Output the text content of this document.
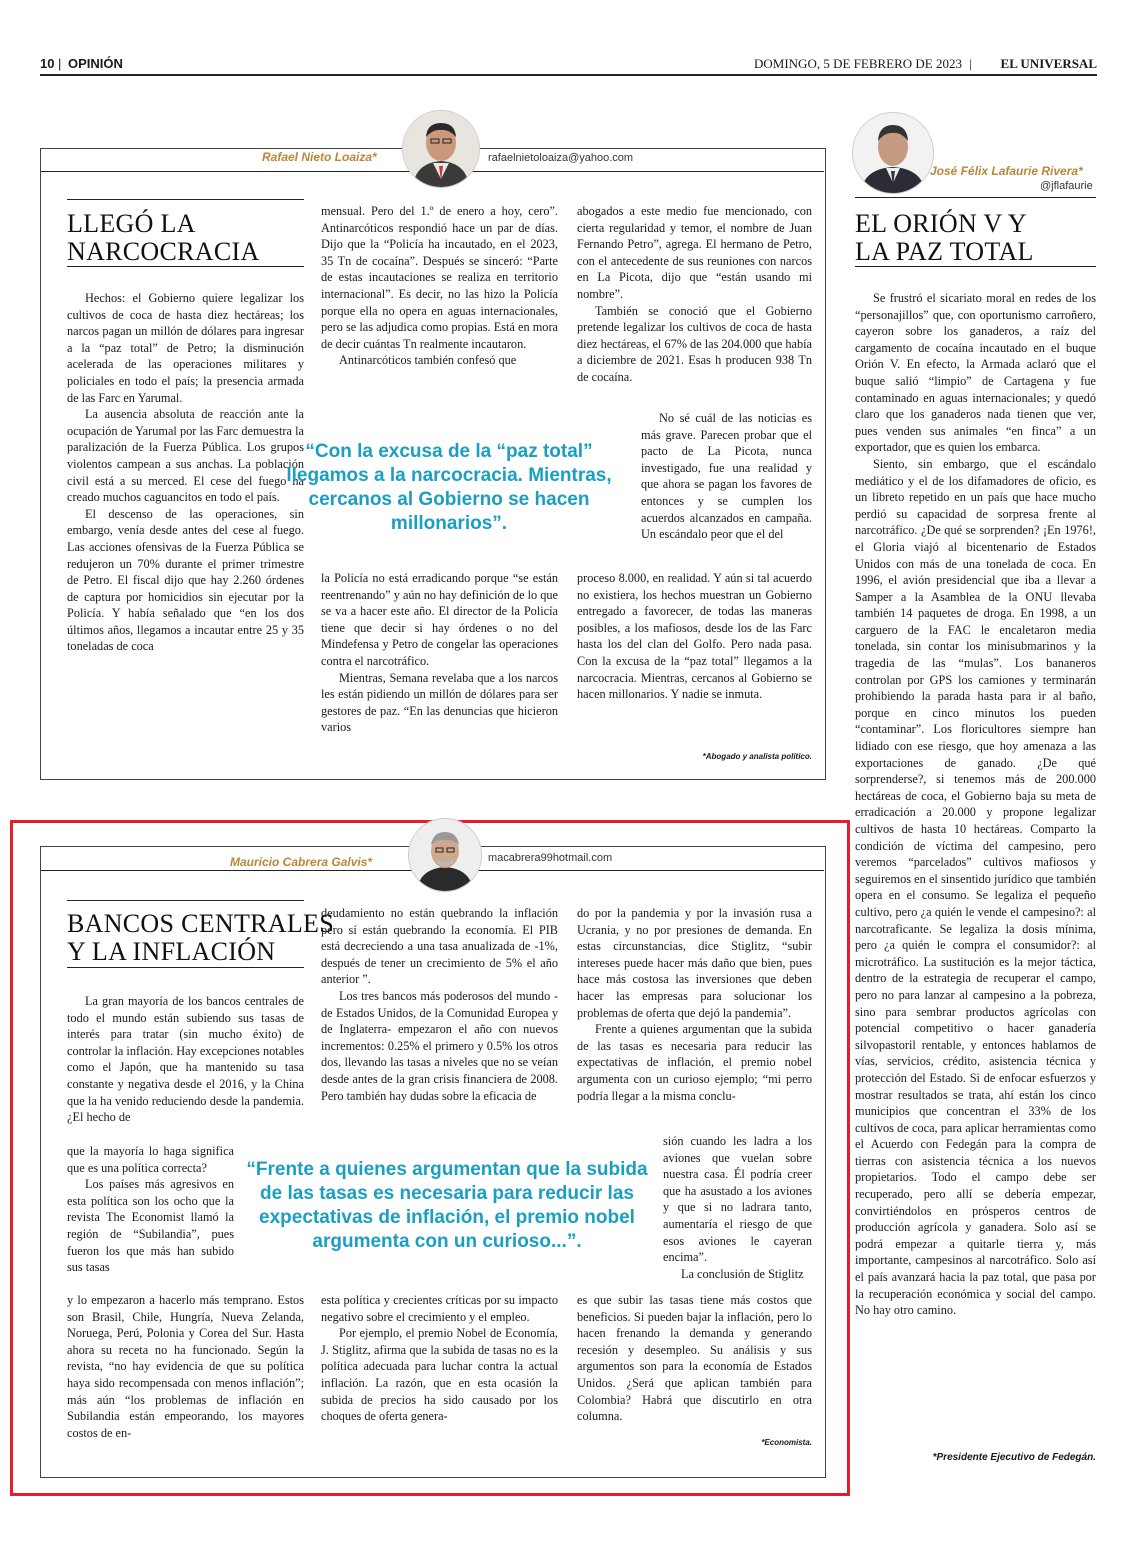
10 | OPINIÓN	DOMINGO, 5 DE FEBRERO DE 2023 | EL UNIVERSAL
Rafael Nieto Loaiza*	rafaelnietoloaiza@yahoo.com
LLEGÓ LA
NARCOCRACIA

Hechos: el Gobierno quiere legalizar los cultivos de coca de hasta diez hectáreas; los narcos pagan un millón de dólares para ingresar a la “paz total” de Petro; la disminución acelerada de las operaciones militares y policiales en todo el país; la presencia armada de las Farc en Yarumal.

La ausencia absoluta de reacción ante la ocupación de Yarumal por las Farc demuestra la paralización de la Fuerza Pública. Los grupos violentos campean a sus anchas. La población civil está a su merced. El cese del fuego ha creado muchos caguancitos en todo el país.

El descenso de las operaciones, sin embargo, venía desde antes del cese al fuego. Las acciones ofensivas de la Fuerza Pública se redujeron un 70% durante el primer trimestre de Petro. El fiscal dijo que hay 2.260 órdenes de captura por homicidios sin ejecutar por la Policía. Y había señalado que “en los dos últimos años, llegamos a incautar entre 25 y 35 toneladas de coca

mensual. Pero del 1.º de enero a hoy, cero”. Antinarcóticos respondió hace un par de días. Dijo que la “Policía ha incautado, en el 2023, 35 Tn de cocaína”. Después se sinceró: “Parte de estas incautaciones se realiza en territorio internacional”. Es decir, no las hizo la Policía porque ella no opera en aguas internacionales, pero se las adjudica como propias. Está en mora de decir cuántas Tn realmente incautaron.

Antinarcóticos también confesó que

la Policía no está erradicando porque “se están reentrenando” y aún no hay definición de lo que se va a hacer este año. El director de la Policía tiene que decir si hay órdenes o no del Mindefensa y Petro de congelar las operaciones contra el narcotráfico.

Mientras, Semana revelaba que a los narcos les están pidiendo un millón de dólares para ser gestores de paz. “En las denuncias que hicieron varios

abogados a este medio fue mencionado, con cierta regularidad y temor, el nombre de Juan Fernando Petro”, agrega. El hermano de Petro, con el antecedente de sus reuniones con narcos en La Picota, dijo que “están usando mi nombre”.

También se conoció que el Gobierno pretende legalizar los cultivos de coca de hasta diez hectáreas, el 67% de las 204.000 que había a diciembre de 2021. Esas h producen 938 Tn de cocaína.

No sé cuál de las noticias es más grave. Parecen probar que el pacto de La Picota, nunca investigado, fue una realidad y que ahora se pagan los favores de entonces y se cumplen los acuerdos alcanzados en campaña. Un escándalo peor que el del

proceso 8.000, en realidad. Y aún si tal acuerdo no existiera, los hechos muestran un Gobierno entregado a favorecer, de todas las maneras posibles, a los mafiosos, desde los de las Farc hasta los del clan del Golfo. Pero nada pasa. Con la excusa de la “paz total” llegamos a la narcocracia. Mientras, cercanos al Gobierno se hacen millonarios. Y nadie se inmuta.

“Con la excusa de la “paz total” llegamos a la narcocracia. Mientras, cercanos al Gobierno se hacen millonarios”.
*Abogado y analista político.
José Félix Lafaurie Rivera*
@jflafaurie
EL ORIÓN V Y
LA PAZ TOTAL

Se frustró el sicariato moral en redes de los “personajillos” que, con oportunismo carroñero, cayeron sobre los ganaderos, a raíz del cargamento de cocaína incautado en el buque Orión V. En efecto, la Armada aclaró que el buque salió “limpio” de Cartagena y fue contaminado en aguas internacionales; y quedó claro que los ganaderos nada tienen que ver, pues venden sus animales “en finca” a un exportador, que es quien los embarca.

Siento, sin embargo, que el escándalo mediático y el de los difamadores de oficio, es un libreto repetido en un país que hace mucho perdió su capacidad de sorpresa frente al narcotráfico. ¿De qué se sorprenden? ¡En 1976!, el Gloria viajó al bicentenario de Estados Unidos con más de una tonelada de coca. En 1996, el avión presidencial que iba a llevar a Samper a la Asamblea de la ONU llevaba también 14 paquetes de droga. En 1998, a un carguero de la FAC le encaletaron media tonelada, sin contar los minisubmarinos y la tragedia de las “mulas”. Los bananeros controlan por GPS los camiones y terminarán prohibiendo la parada hasta para ir al baño, porque en cinco minutos los pueden “contaminar”. Los floricultores siempre han lidiado con ese riesgo, que hoy amenaza a las exportaciones de ganado. ¿De qué sorprenderse?, si tenemos más de 200.000 hectáreas de coca, el Gobierno baja su meta de erradicación a 20.000 y propone legalizar cultivos de hasta 10 hectáreas. Comparto la condición de víctima del campesino, pero veremos “parcelados” cultivos mafiosos y seguiremos en el sinsentido jurídico que también opera en el consumo. Se legaliza el pequeño cultivo, pero ¿a quién le vende el campesino?: al narcotraficante. Se legaliza la dosis mínima, pero ¿a quién le compra el consumidor?: al microtráfico. La sustitución es la mejor táctica, dentro de la estrategia de recuperar el campo, pero no para lanzar al campesino a la pobreza, sino para sembrar productos agrícolas con potencial competitivo o hacer ganadería silvopastoril rentable, y entonces hablamos de vías, servicios, crédito, asistencia técnica y protección del Estado. Si de enfocar esfuerzos y mostrar resultados se trata, ahí están los cinco municipios que concentran el 33% de los cultivos de coca, para aplicar herramientas como el Acuerdo con Fedegán para la compra de tierras con asistencia técnica a los nuevos propietarios. Todo el campo debe ser recuperado, pero allí se debería empezar, convirtiéndolos en prósperos centros de producción agrícola y ganadera. Solo así se podrá empezar a quitarle tierra y, más importante, campesinos al narcotráfico. Solo así el país avanzará hacia la paz total, que pasa por la recuperación económica y social del campo. No hay otro camino.

*Presidente Ejecutivo de Fedegán.
Mauricio Cabrera Galvis*	macabrera99hotmail.com
BANCOS CENTRALES
Y LA INFLACIÓN

La gran mayoría de los bancos centrales de todo el mundo están subiendo sus tasas de interés para tratar (sin mucho éxito) de controlar la inflación. Hay excepciones notables como el Japón, que ha mantenido su tasa constante y negativa desde el 2016, y la China que la ha venido reduciendo desde la pandemia. ¿El hecho de

que la mayoría lo haga significa que es una política correcta?

Los países más agresivos en esta política son los ocho que la revista The Economist llamó la región de “Subilandia”, pues fueron los que más han subido sus tasas

y lo empezaron a hacerlo más temprano. Estos son Brasil, Chile, Hungría, Nueva Zelanda, Noruega, Perú, Polonia y Corea del Sur. Hasta ahora su receta no ha funcionado. Según la revista, “no hay evidencia de que su política haya sido recompensada con menos inflación”; más aún “los problemas de inflación en Subilandia están empeorando, los mayores costos de en-

deudamiento no están quebrando la inflación pero sí están quebrando la economía. El PIB está decreciendo a una tasa anualizada de -1%, después de tener un crecimiento de 5% el año anterior ”.

Los tres bancos más poderosos del mundo -de Estados Unidos, de la Comunidad Europea y de Inglaterra- empezaron el año con nuevos incrementos: 0.25% el primero y 0.5% los otros dos, llevando las tasas a niveles que no se veían desde antes de la gran crisis financiera de 2008. Pero también hay dudas sobre la eficacia de

esta política y crecientes críticas por su impacto negativo sobre el crecimiento y el empleo.

Por ejemplo, el premio Nobel de Economía, J. Stiglitz, afirma que la subida de tasas no es la política adecuada para luchar contra la actual inflación. La razón, que en esta ocasión la subida de precios ha sido causado por los choques de oferta genera-

do por la pandemia y por la invasión rusa a Ucrania, y no por presiones de demanda. En estas circunstancias, dice Stiglitz, “subir intereses puede hacer más daño que bien, pues hace más costosa las inversiones que deben hacer las empresas para solucionar los problemas de oferta que dejó la pandemia”.

Frente a quienes argumentan que la subida de las tasas es necesaria para reducir las expectativas de inflación, el premio nobel argumenta con un curioso ejemplo; “mi perro podría llegar a la misma conclu-

sión cuando les ladra a los aviones que vuelan sobre nuestra casa. Él podría creer que ha asustado a los aviones y que si no ladrara tanto, aumentaría el riesgo de que esos aviones le cayeran encima”.

La conclusión de Stiglitz

es que subir las tasas tiene más costos que beneficios. Si pueden bajar la inflación, pero lo hacen frenando la demanda y generando recesión y desempleo. Su análisis y sus argumentos son para la economía de Estados Unidos. ¿Será que aplican también para Colombia? Habrá que discutirlo en otra columna.

“Frente a quienes argumentan que la subida de las tasas es necesaria para reducir las expectativas de inflación, el premio nobel argumenta con un curioso...”.
*Economista.
